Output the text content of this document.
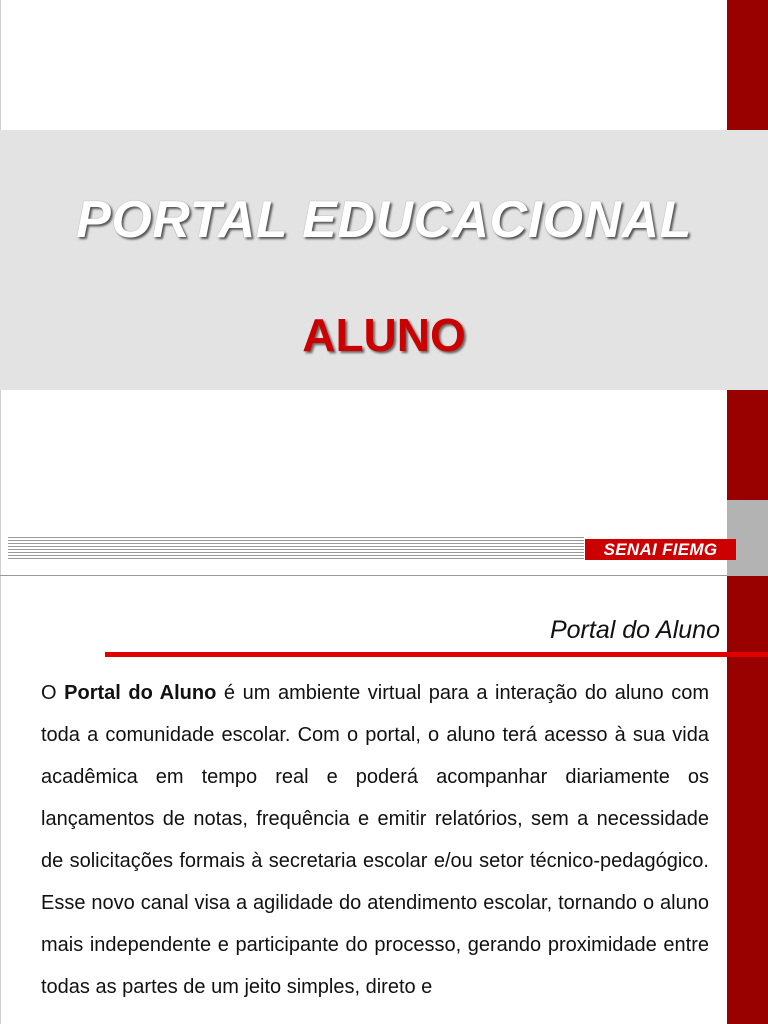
PORTAL EDUCACIONAL
ALUNO
SENAI FIEMG
Portal do Aluno
O Portal do Aluno é um ambiente virtual para a interação do aluno com toda a comunidade escolar. Com o portal, o aluno terá acesso à sua vida acadêmica em tempo real e poderá acompanhar diariamente os lançamentos de notas, frequência e emitir relatórios, sem a necessidade de solicitações formais à secretaria escolar e/ou setor técnico-pedagógico. Esse novo canal visa a agilidade do atendimento escolar, tornando o aluno mais independente e participante do processo, gerando proximidade entre todas as partes de um jeito simples, direto e
